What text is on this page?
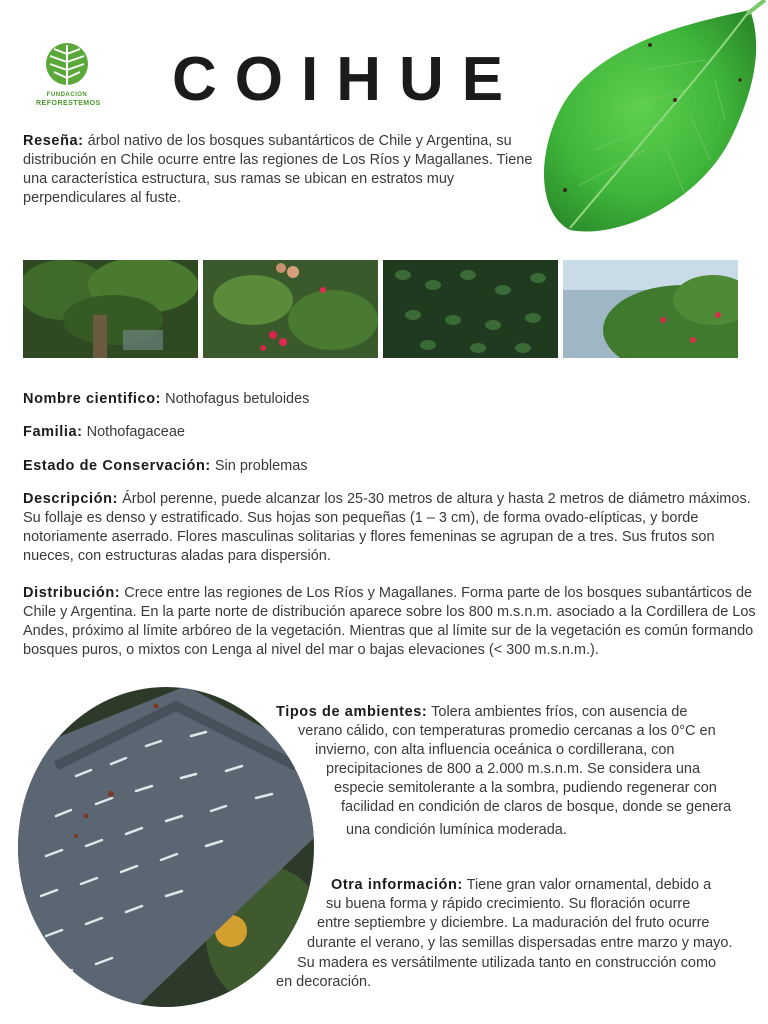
FUNDACION
REFORESTEMOS COIHUE
Reseña: árbol nativo de los bosques subantárticos de Chile y Argentina, su distribución en Chile ocurre entre las regiones de Los Ríos y Magallanes. Tiene una característica estructura, sus ramas se ubican en estratos muy perpendiculares al fuste.
Nombre cientifico: Nothofagus betuloides
Familia: Nothofagaceae
Estado de Conservación: Sin problemas
Descripción: Árbol perenne, puede alcanzar los 25-30 metros de altura y hasta 2 metros de diámetro máximos. Su follaje es denso y estratificado. Sus hojas son pequeñas (1 – 3 cm), de forma ovado-elípticas, y borde notoriamente aserrado. Flores masculinas solitarias y flores femeninas se agrupan de a tres. Sus frutos son nueces, con estructuras aladas para dispersión.
Distribución: Crece entre las regiones de Los Ríos y Magallanes. Forma parte de los bosques subantárticos de Chile y Argentina. En la parte norte de distribución aparece sobre los 800 m.s.n.m. asociado a la Cordillera de Los Andes, próximo al límite arbóreo de la vegetación. Mientras que al límite sur de la vegetación es común formando bosques puros, o mixtos con Lenga al nivel del mar o bajas elevaciones (< 300 m.s.n.m.).
Tipos de ambientes: Tolera ambientes fríos, con ausencia de
verano cálido, con temperaturas promedio cercanas a los 0°C en
invierno, con alta influencia oceánica o cordillerana, con
precipitaciones de 800 a 2.000 m.s.n.m. Se considera una
especie semitolerante a la sombra, pudiendo regenerar con
facilidad en condición de claros de bosque, donde se genera
una condición lumínica moderada.
Otra información: Tiene gran valor ornamental, debido a
su buena forma y rápido crecimiento. Su floración ocurre
entre septiembre y diciembre. La maduración del fruto ocurre
durante el verano, y las semillas dispersadas entre marzo y mayo.
Su madera es versátilmente utilizada tanto en construcción como
en decoración.
